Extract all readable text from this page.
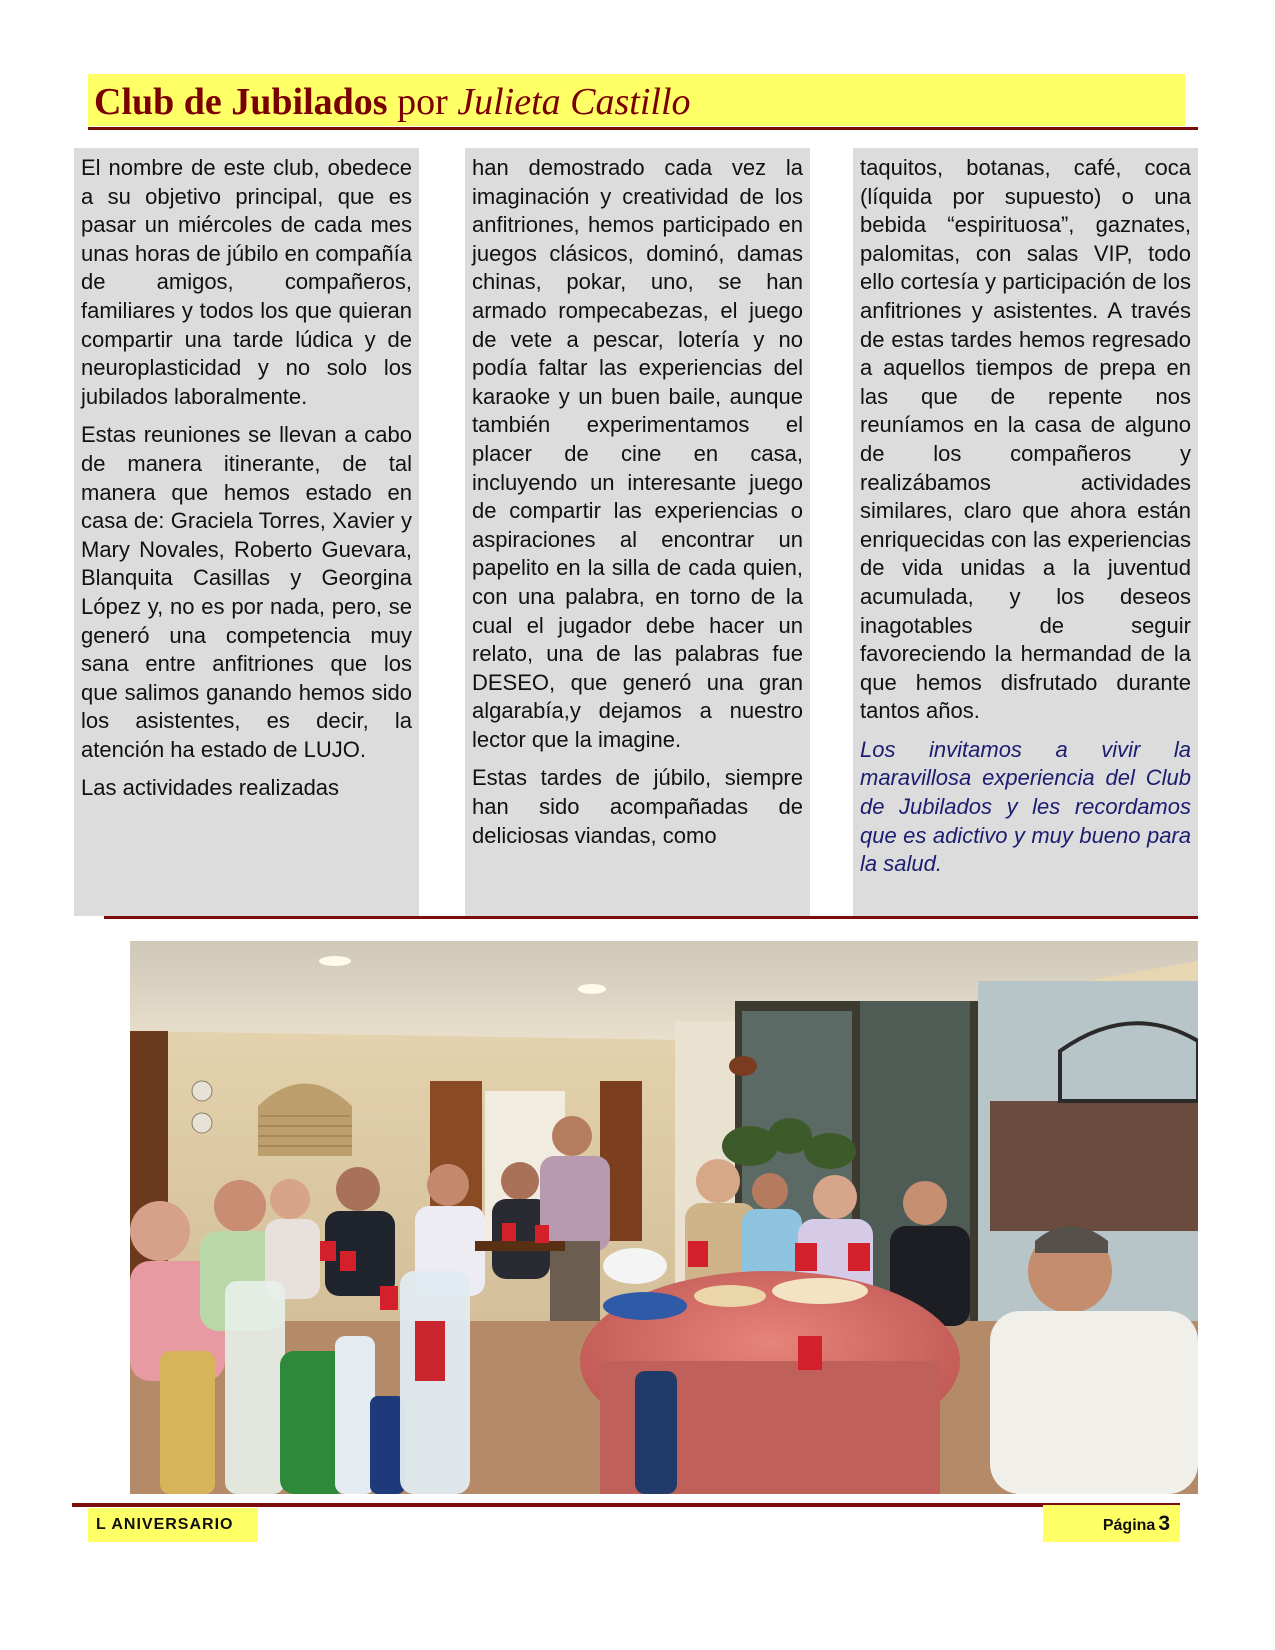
Club de Jubilados por Julieta Castillo

El nombre de este club, obedece a su objetivo principal, que es pasar un miércoles de cada mes unas horas de júbilo en compañía de amigos, compañeros, familiares y todos los que quieran compartir una tarde lúdica y de neuroplasticidad y no solo los jubilados laboralmente.

Estas reuniones se llevan a cabo de manera itinerante, de tal manera que hemos estado en casa de: Graciela Torres, Xavier y Mary Novales, Roberto Guevara, Blanquita Casillas y Georgina López y, no es por nada, pero, se generó una competencia muy sana entre anfitriones que los que salimos ganando hemos sido los asistentes, es decir, la atención ha estado de LUJO.

Las actividades realizadas

han demostrado cada vez la imaginación y creatividad de los anfitriones, hemos participado en juegos clásicos, dominó, damas chinas, pokar, uno, se han armado rompecabezas, el juego de vete a pescar, lotería y no podía faltar las experiencias del karaoke y un buen baile, aunque también experimentamos el placer de cine en casa, incluyendo un interesante juego de compartir las experiencias o aspiraciones al encontrar un papelito en la silla de cada quien, con una palabra, en torno de la cual el jugador debe hacer un relato, una de las palabras fue DESEO, que generó una gran algarabía,y dejamos a nuestro lector que la imagine.

Estas tardes de júbilo, siempre han sido acompañadas de deliciosas viandas, como

taquitos, botanas, café, coca (líquida por supuesto) o una bebida “espirituosa”, gaznates, palomitas, con salas VIP, todo ello cortesía y participación de los anfitriones y asistentes. A través de estas tardes hemos regresado a aquellos tiempos de prepa en las que de repente nos reuníamos en la casa de alguno de los compañeros y realizábamos actividades similares, claro que ahora están enriquecidas con las experiencias de vida unidas a la juventud acumulada, y los deseos inagotables de seguir favoreciendo la hermandad de la que hemos disfrutado durante tantos años.

Los invitamos a vivir la maravillosa experiencia del Club de Jubilados y les recordamos que es adictivo y muy bueno para la salud.

L ANIVERSARIO	Página 3
